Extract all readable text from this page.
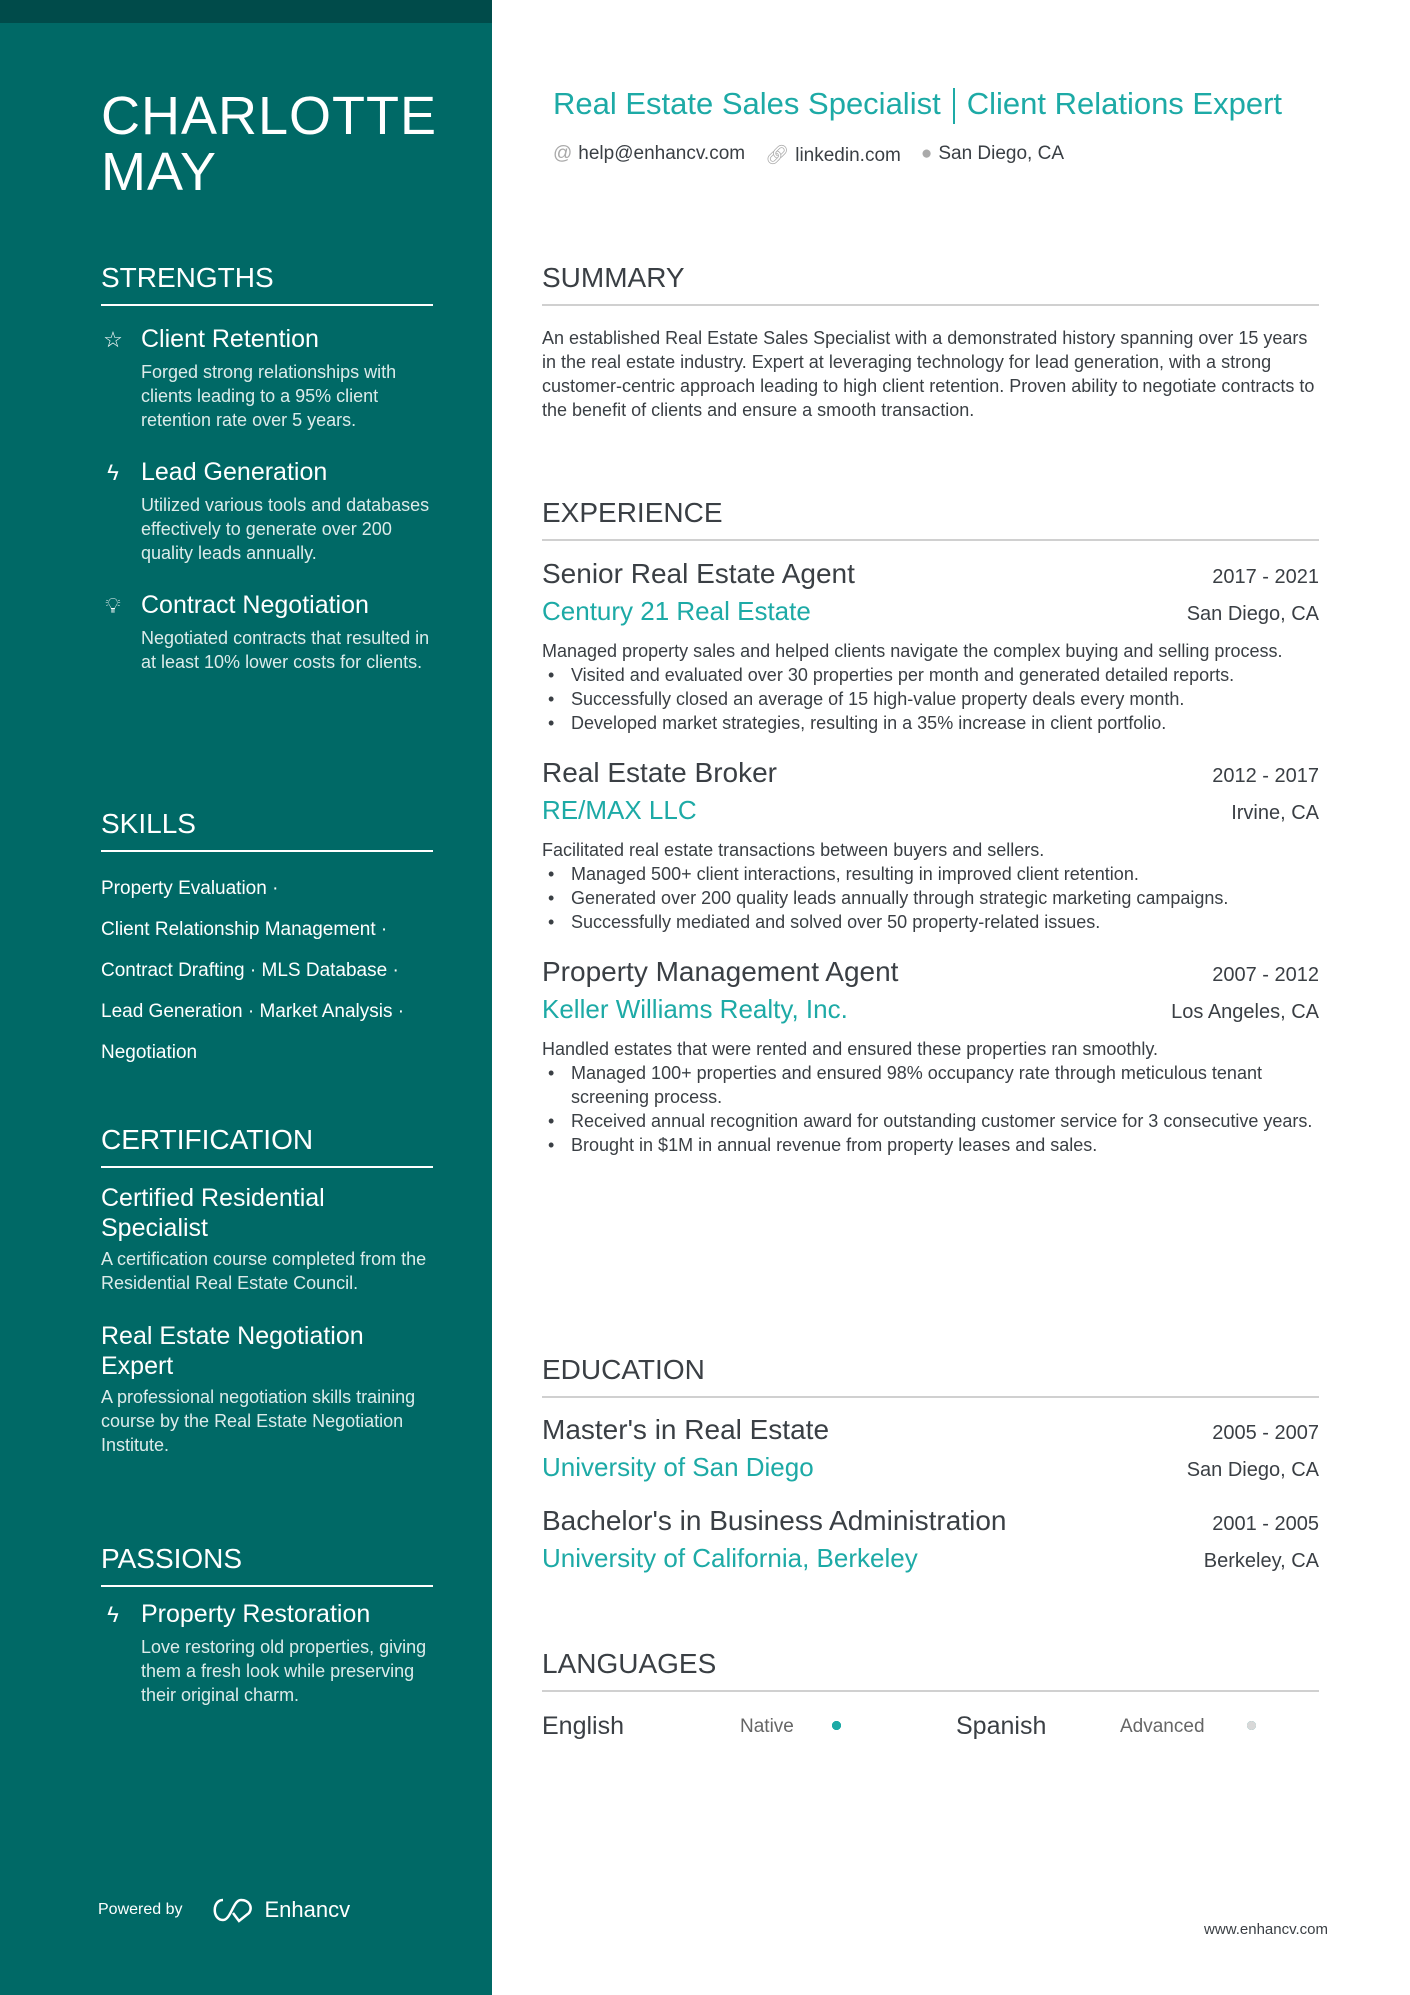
CHARLOTTE MAY
STRENGTHS
☆ Client Retention
Forged strong relationships with clients leading to a 95% client retention rate over 5 years.
ϟ Lead Generation
Utilized various tools and databases effectively to generate over 200 quality leads annually.
💡︎ Contract Negotiation
Negotiated contracts that resulted in at least 10% lower costs for clients.
SKILLS
Property Evaluation ·
Client Relationship Management ·
Contract Drafting · MLS Database ·
Lead Generation · Market Analysis ·
Negotiation
CERTIFICATION
Certified Residential Specialist
A certification course completed from the Residential Real Estate Council.
Real Estate Negotiation Expert
A professional negotiation skills training course by the Real Estate Negotiation Institute.
PASSIONS
ϟ Property Restoration
Love restoring old properties, giving them a fresh look while preserving their original charm.
Powered by	Enhancv
Real Estate Sales Specialist Client Relations Expert
@ help@enhancv.com 🔗︎ linkedin.com ● San Diego, CA
SUMMARY
An established Real Estate Sales Specialist with a demonstrated history spanning over 15 years in the real estate industry. Expert at leveraging technology for lead generation, with a strong customer-centric approach leading to high client retention. Proven ability to negotiate contracts to the benefit of clients and ensure a smooth transaction.
EXPERIENCE
Senior Real Estate Agent	2017 - 2021
Century 21 Real Estate	San Diego, CA
Managed property sales and helped clients navigate the complex buying and selling process.
• Visited and evaluated over 30 properties per month and generated detailed reports.
• Successfully closed an average of 15 high-value property deals every month.
• Developed market strategies, resulting in a 35% increase in client portfolio.
Real Estate Broker	2012 - 2017
RE/MAX LLC	Irvine, CA
Facilitated real estate transactions between buyers and sellers.
• Managed 500+ client interactions, resulting in improved client retention.
• Generated over 200 quality leads annually through strategic marketing campaigns.
• Successfully mediated and solved over 50 property-related issues.
Property Management Agent	2007 - 2012
Keller Williams Realty, Inc.	Los Angeles, CA
Handled estates that were rented and ensured these properties ran smoothly.
• Managed 100+ properties and ensured 98% occupancy rate through meticulous tenant screening process.
• Received annual recognition award for outstanding customer service for 3 consecutive years.
• Brought in $1M in annual revenue from property leases and sales.
EDUCATION
Master's in Real Estate	2005 - 2007
University of San Diego	San Diego, CA
Bachelor's in Business Administration	2001 - 2005
University of California, Berkeley	Berkeley, CA
LANGUAGES
English	Native	Spanish	Advanced
www.enhancv.com
